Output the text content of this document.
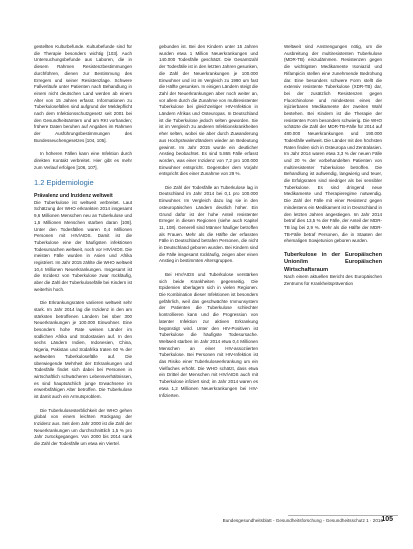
gestellten Kulturbefunde. Kulturbefunde sind für die Therapie besonders wichtig [103]. Auch Untersuchungsbefunde aus Laboren, die in diesem Rahmen Resistenzbestimmungen durchführen, dienen zur Bestimmung des Erregers und seiner Resistenzlage. Schwere Fallverläufe unter Patienten nach Behandlung in einem nicht deutschen Land werden ab einem Alter von 15 Jahren erfasst. Informationen zu Tuberkulosefällen sind aufgrund der Meldepflicht nach dem Infektionsschutzgesetz seit 2001 bei den Gesundheitsämtern und am RKI vorhanden; frühere Daten beruhen auf Angaben im Rahmen der Ausführungsbestimmungen des Bundesseuchengesetzes [104, 105].

In höheren Fällen kann eine Infektion durch direkten Kontakt verbreitet. Hier gibt es mehr zum Verlauf erfolgen [106, 107].

1.2 Epidemiologie
Prävalenz und Inzidenz weltweit

Die Tuberkulose ist weltweit verbreitet. Laut Schätzung der WHO erkrankten 2014 insgesamt 9,6 Millionen Menschen neu an Tuberkulose und 1,5 Millionen Menschen starben daran [108]. Unter den Todesfällen waren 0,4 Millionen Personen mit HIV/AIDS. Damit ist die Tuberkulose eine der häufigsten infektiösen Todesursachen weltweit, noch vor HIV/AIDS. Die meisten Fälle wurden in Asien und Afrika registriert. Im Jahr 2015 zählte die WHO weltweit 10,4 Millionen Neuerkrankungen. Insgesamt ist die Inzidenz von Tuberkulose zwar rückläufig, aber die Zahl der Tuberkulosefälle bei Kindern ist weiterhin hoch.

Die Erkrankungsraten variieren weltweit sehr stark. Im Jahr 2014 lag die Inzidenz in den am stärksten betroffenen Ländern bei über 300 Neuerkrankungen je 100.000 Einwohner. Eine besonders hohe Rate weisen Länder im südlichen Afrika und Südostasien auf. In den sechs Ländern Indien, Indonesien, China, Nigeria, Pakistan und Südafrika traten 60 % der weltweiten Tuberkulosefälle auf. Die überwiegende Mehrheit der Erkrankungen und Todesfälle findet sich dabei bei Personen in wirtschaftlich schwächeren Lebensverhältnissen, es sind hauptsächlich junge Erwachsene im erwerbsfähigen Alter betroffen. Die Tuberkulose ist damit auch ein Armutsproblem.

Die Tuberkulosesterblichkeit der WHO gehen global von einem leichten Rückgang der Inzidenz aus. Seit dem Jahr 2000 ist die Zahl der Neuerkrankungen um durchschnittlich 1,5 % pro Jahr zurückgegangen. Von 2000 bis 2014 sank die Zahl der Todesfälle um etwa ein Viertel.

gebunden ist. Bei den Kindern unter 15 Jahren wurden etwa 1 Million Neuerkrankungen und 140.000 Todesfälle geschätzt. Die Gesamtzahl der Todesfälle ist in den letzten Jahren gesunken, die Zahl der Neuerkrankungen je 100.000 Einwohner und ist im Vergleich zu 1990 um fast die Hälfte gesunken. In einigen Ländern steigt die Zahl der Neuerkrankungen aber noch weiter an, vor allem durch die Zunahme von multiresistenter Tuberkulose bei gleichzeitiger HIV-Infektion in Ländern Afrikas und Osteuropas. In Deutschland ist die Tuberkulose jedoch selten geworden. Sie ist im Vergleich zu anderen Infektionskrankheiten eher selten, wobei sie aber durch Zuwanderung aus Hochprävalenzländern wieder an Bedeutung gewinnt. Im Jahr 2015 wurde ein deutlicher Anstieg beobachtet. Es sind 5.865 Fälle erfasst worden, was einer Inzidenz von 7,2 pro 100.000 Einwohner entspricht. Gegenüber dem Vorjahr entspricht dies einer Zunahme von 29 %.

Die Zahl der Todesfälle an Tuberkulose lag in Deutschland im Jahr 2014 bei 0,1 pro 100.000 Einwohner. Im Vergleich dazu lag sie in den osteuropäischen Ländern deutlich höher. Ein Grund dafür ist der hohe Anteil resistenter Erreger in diesen Regionen (siehe auch Kapitel 11, 108). Generell sind Männer häufiger betroffen als Frauen. Mehr als die Hälfte der erfassten Fälle in Deutschland betrafen Personen, die nicht in Deutschland geboren wurden. Bei Kindern sind die Fälle insgesamt rückläufig, zeigen aber einen Anstieg in bestimmten Altersgruppen.

Bei HIV/AIDS und Tuberkulose verstärken sich beide Krankheiten gegenseitig. Die Epidemien überlagern sich in vielen Regionen. Die Kombination dieser Infektionen ist besonders gefährlich, weil das geschwächte Immunsystem der Patienten die Tuberkulose schlechter kontrollieren kann und die Progression von latenter Infektion zur aktiven Erkrankung begünstigt wird. Unter den HIV-Positiven ist Tuberkulose die häufigste Todesursache. Weltweit starben im Jahr 2014 etwa 0,4 Millionen Menschen an einer HIV-assoziierten Tuberkulose. Bei Personen mit HIV-Infektion ist das Risiko einer Tuberkuloseerkrankung um ein Vielfaches erhöht. Die WHO schätzt, dass etwa ein Drittel der Menschen mit HIV/AIDS auch mit Tuberkulose infiziert sind; im Jahr 2014 waren es etwa 1,2 Millionen Neuerkrankungen bei HIV-Infizierten.

Weltweit sind Anstrengungen nötig, um die Ausbreitung der multiresistenten Tuberkulose (MDR-TB) einzudämmen. Resistenzen gegen die wichtigsten Medikamente Isoniazid und Rifampicin stellen eine zunehmende Bedrohung dar. Eine besonders schwere Form stellt die extensiv resistente Tuberkulose (XDR-TB) dar, bei der zusätzlich Resistenzen gegen Fluorchinolone und mindestens eines der injizierbaren Medikamente der zweiten Wahl bestehen. Bei Kindern ist die Therapie der resistenten Form besonders schwierig. Die WHO schätzte die Zahl der MDR-TB-Fälle für 2014 auf 480.000 Neuerkrankungen und 190.000 Todesfälle weltweit. Die Länder mit den höchsten Raten finden sich in Osteuropa und Zentralasien. Im Jahr 2014 waren etwa 3,3 % der neuen Fälle und 20 % der vorbehandelten Patienten von multiresistenter Tuberkulose betroffen. Die Behandlung ist aufwendig, langwierig und teuer, die Erfolgsraten sind niedriger als bei sensibler Tuberkulose. Es sind dringend neue Medikamente und Therapieregime notwendig. Die Zahl der Fälle mit einer Resistenz gegen mindestens ein Medikament ist in Deutschland in den letzten Jahren angestiegen. Im Jahr 2014 betraf dies 13,5 % der Fälle, der Anteil der MDR-TB lag bei 2,9 %. Mehr als die Hälfte der MDR-TB-Fälle betraf Personen, die in Staaten der ehemaligen Sowjetunion geboren wurden.

Tuberkulose in der Europäischen Union/im Europäischen Wirtschaftsraum

Nach einem aktuellen Bericht des Europäischen Zentrums für Krankheitsprävention

Bundesgesundheitsblatt - Gesundheitsforschung - Gesundheitsschutz 1 · 2016
105
